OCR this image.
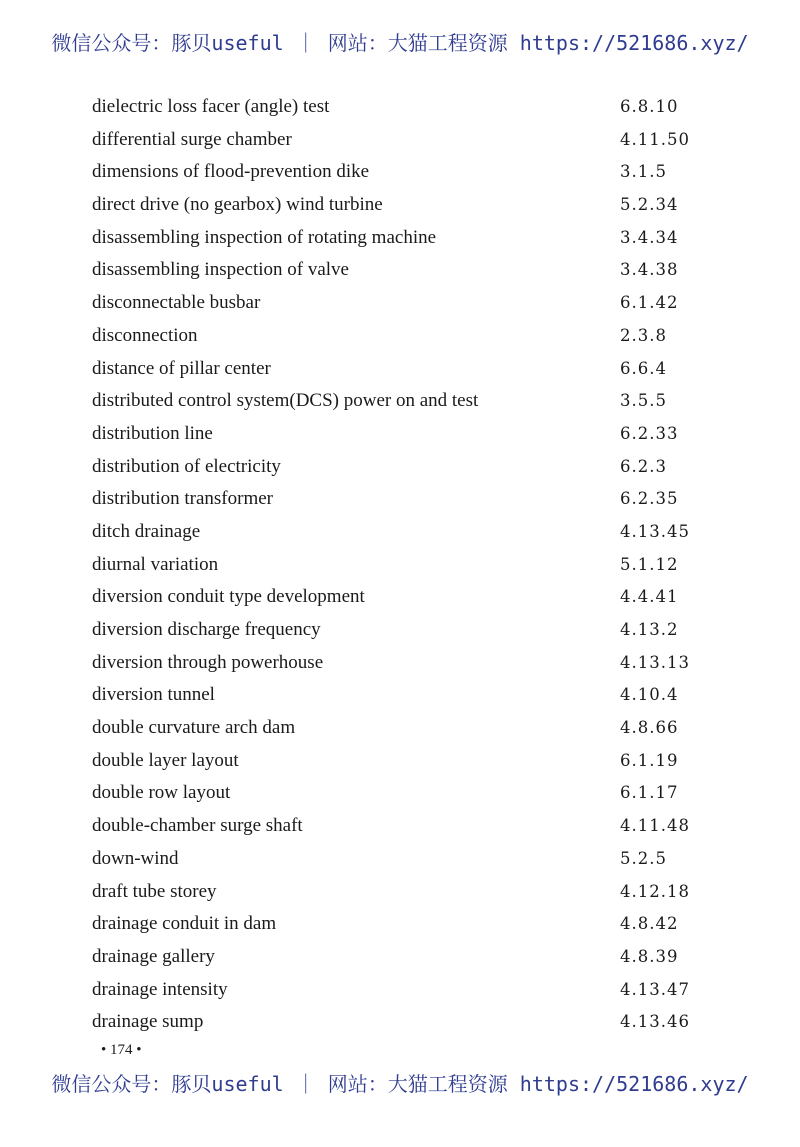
微信公众号：豚贝useful ｜ 网站：大猫工程资源 https://521686.xyz/
dielectric loss facer (angle) test	6.8.10
differential surge chamber	4.11.50
dimensions of flood-prevention dike	3.1.5
direct drive (no gearbox) wind turbine	5.2.34
disassembling inspection of rotating machine	3.4.34
disassembling inspection of valve	3.4.38
disconnectable busbar	6.1.42
disconnection	2.3.8
distance of pillar center	6.6.4
distributed control system(DCS) power on and test	3.5.5
distribution line	6.2.33
distribution of electricity	6.2.3
distribution transformer	6.2.35
ditch drainage	4.13.45
diurnal variation	5.1.12
diversion conduit type development	4.4.41
diversion discharge frequency	4.13.2
diversion through powerhouse	4.13.13
diversion tunnel	4.10.4
double curvature arch dam	4.8.66
double layer layout	6.1.19
double row layout	6.1.17
double-chamber surge shaft	4.11.48
down-wind	5.2.5
draft tube storey	4.12.18
drainage conduit in dam	4.8.42
drainage gallery	4.8.39
drainage intensity	4.13.47
drainage sump	4.13.46
• 174 •
微信公众号：豚贝useful ｜ 网站：大猫工程资源 https://521686.xyz/
